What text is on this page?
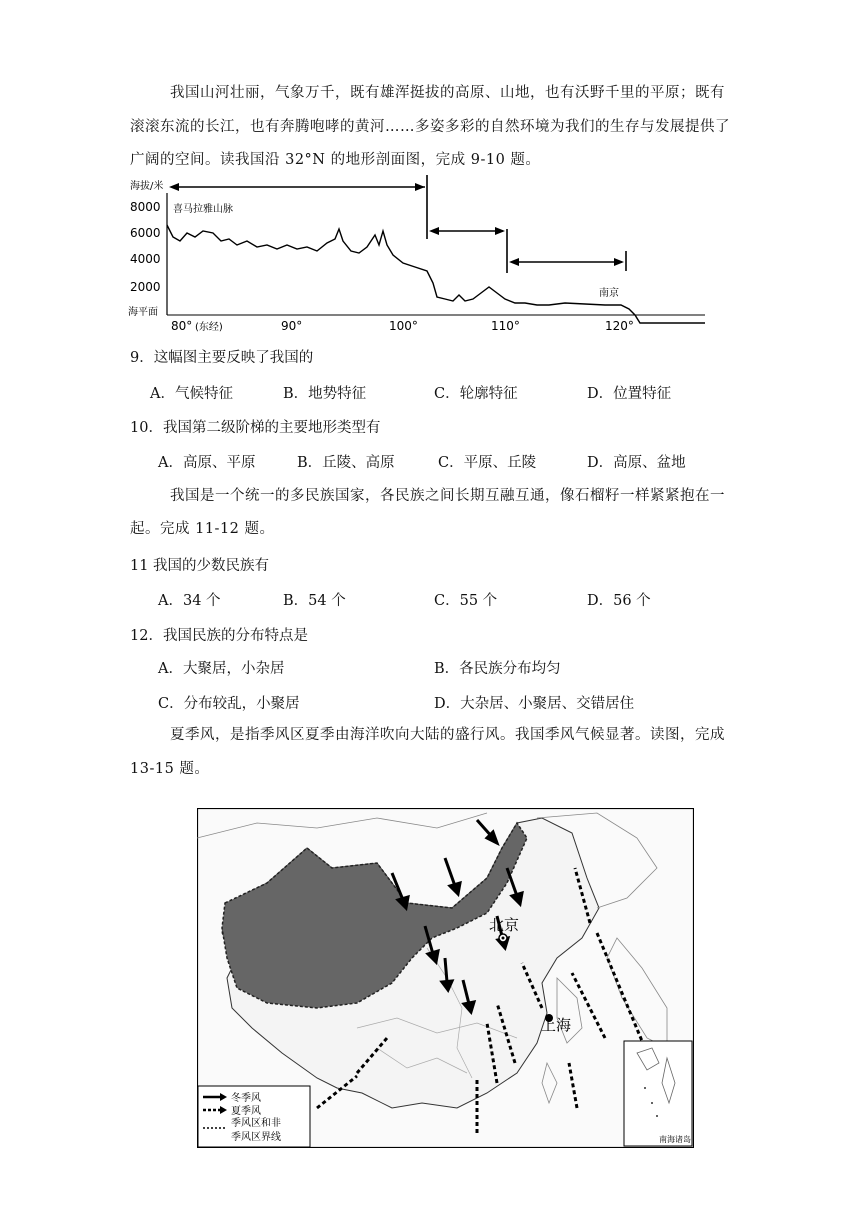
我国山河壮丽，气象万千，既有雄浑挺拔的高原、山地，也有沃野千里的平原；既有

滚滚东流的长江，也有奔腾咆哮的黄河……多姿多彩的自然环境为我们的生存与发展提供了

广阔的空间。读我国沿 32°N 的地形剖面图，完成 9-10 题。

海拔/米
8000
6000
4000
2000
海平面
喜马拉雅山脉
南京
80° (东经)	90°	100°	110°	120°

9．这幅图主要反映了我国的

A．气候特征	B．地势特征	C．轮廓特征	D．位置特征

10．我国第二级阶梯的主要地形类型有

A．高原、平原	B．丘陵、高原	C．平原、丘陵	D．高原、盆地

我国是一个统一的多民族国家，各民族之间长期互融互通，像石榴籽一样紧紧抱在一

起。完成 11-12 题。

11 我国的少数民族有

A．34 个	B．54 个	C．55 个	D．56 个

12．我国民族的分布特点是

A．大聚居，小杂居	B．各民族分布均匀
C．分布较乱，小聚居	D．大杂居、小聚居、交错居住

夏季风，是指季风区夏季由海洋吹向大陆的盛行风。我国季风气候显著。读图，完成

13-15 题。

北京
上海
冬季风
夏季风
季风区和非
季风区界线	南海诸岛
